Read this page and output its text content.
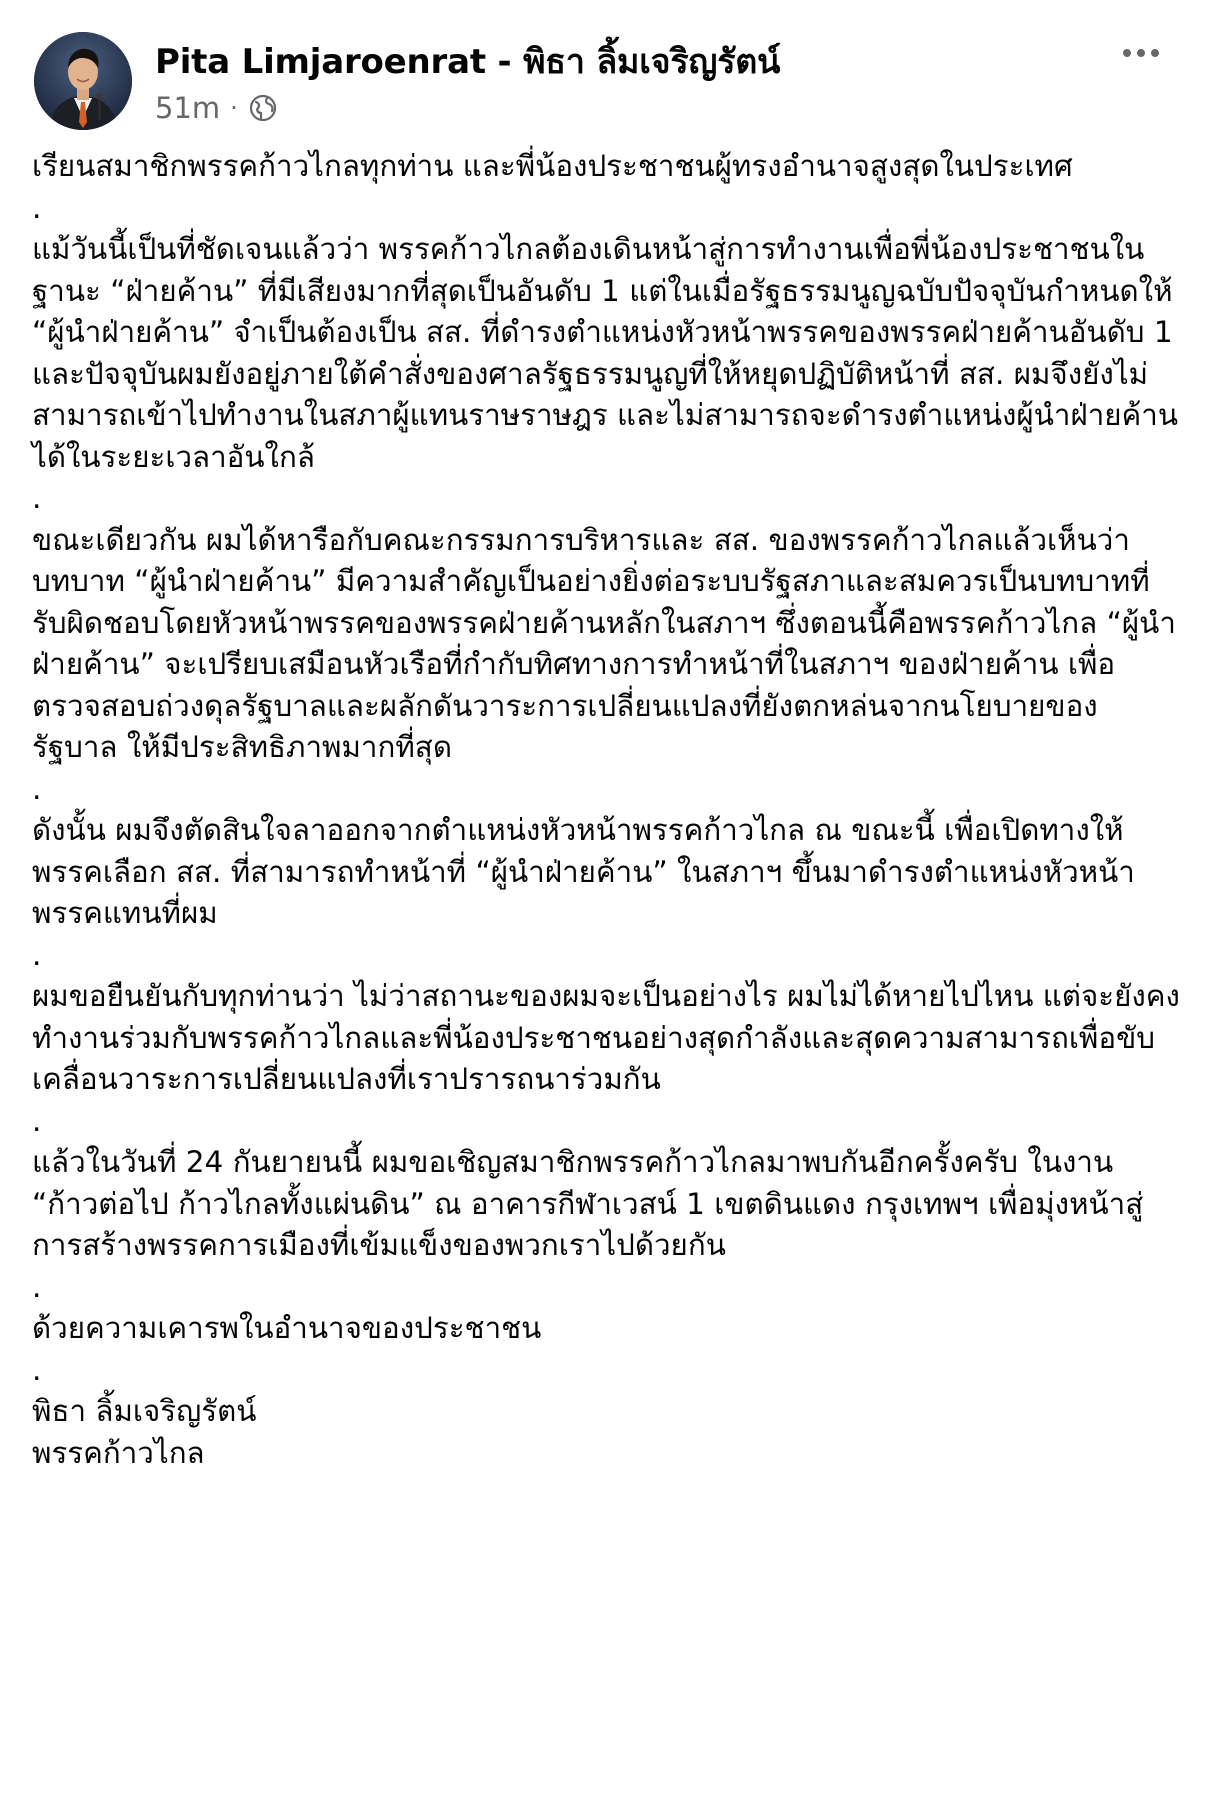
Pita Limjaroenrat - พิธา ลิ้มเจริญรัตน์
51m ·

เรียนสมาชิกพรรคก้าวไกลทุกท่าน และพี่น้องประชาชนผู้ทรงอำนาจสูงสุดในประเทศ

.

แม้วันนี้เป็นที่ชัดเจนแล้วว่า พรรคก้าวไกลต้องเดินหน้าสู่การทำงานเพื่อพี่น้องประชาชนในฐานะ “ฝ่ายค้าน” ที่มีเสียงมากที่สุดเป็นอันดับ 1 แต่ในเมื่อรัฐธรรมนูญฉบับปัจจุบันกำหนดให้ “ผู้นำฝ่ายค้าน” จำเป็นต้องเป็น สส. ที่ดำรงตำแหน่งหัวหน้าพรรคของพรรคฝ่ายค้านอันดับ 1 และปัจจุบันผมยังอยู่ภายใต้คำสั่งของศาลรัฐธรรมนูญที่ให้หยุดปฏิบัติหน้าที่ สส. ผมจึงยังไม่สามารถเข้าไปทำงานในสภาผู้แทนราษราษฎร และไม่สามารถจะดำรงตำแหน่งผู้นำฝ่ายค้านได้ในระยะเวลาอันใกล้

.

ขณะเดียวกัน ผมได้หารือกับคณะกรรมการบริหารและ สส. ของพรรคก้าวไกลแล้วเห็นว่า บทบาท “ผู้นำฝ่ายค้าน” มีความสำคัญเป็นอย่างยิ่งต่อระบบรัฐสภาและสมควรเป็นบทบาทที่รับผิดชอบโดยหัวหน้าพรรคของพรรคฝ่ายค้านหลักในสภาฯ ซึ่งตอนนี้คือพรรคก้าวไกล “ผู้นำฝ่ายค้าน” จะเปรียบเสมือนหัวเรือที่กำกับทิศทางการทำหน้าที่ในสภาฯ ของฝ่ายค้าน เพื่อตรวจสอบถ่วงดุลรัฐบาลและผลักดันวาระการเปลี่ยนแปลงที่ยังตกหล่นจากนโยบายของรัฐบาล ให้มีประสิทธิภาพมากที่สุด

.

ดังนั้น ผมจึงตัดสินใจลาออกจากตำแหน่งหัวหน้าพรรคก้าวไกล ณ ขณะนี้ เพื่อเปิดทางให้พรรคเลือก สส. ที่สามารถทำหน้าที่ “ผู้นำฝ่ายค้าน” ในสภาฯ ขึ้นมาดำรงตำแหน่งหัวหน้าพรรคแทนที่ผม

.

ผมขอยืนยันกับทุกท่านว่า ไม่ว่าสถานะของผมจะเป็นอย่างไร ผมไม่ได้หายไปไหน แต่จะยังคงทำงานร่วมกับพรรคก้าวไกลและพี่น้องประชาชนอย่างสุดกำลังและสุดความสามารถเพื่อขับเคลื่อนวาระการเปลี่ยนแปลงที่เราปรารถนาร่วมกัน

.

แล้วในวันที่ 24 กันยายนนี้ ผมขอเชิญสมาชิกพรรคก้าวไกลมาพบกันอีกครั้งครับ ในงาน “ก้าวต่อไป ก้าวไกลทั้งแผ่นดิน” ณ อาคารกีฬาเวสน์ 1 เขตดินแดง กรุงเทพฯ เพื่อมุ่งหน้าสู่การสร้างพรรคการเมืองที่เข้มแข็งของพวกเราไปด้วยกัน

.

ด้วยความเคารพในอำนาจของประชาชน

.

พิธา ลิ้มเจริญรัตน์
พรรคก้าวไกล
